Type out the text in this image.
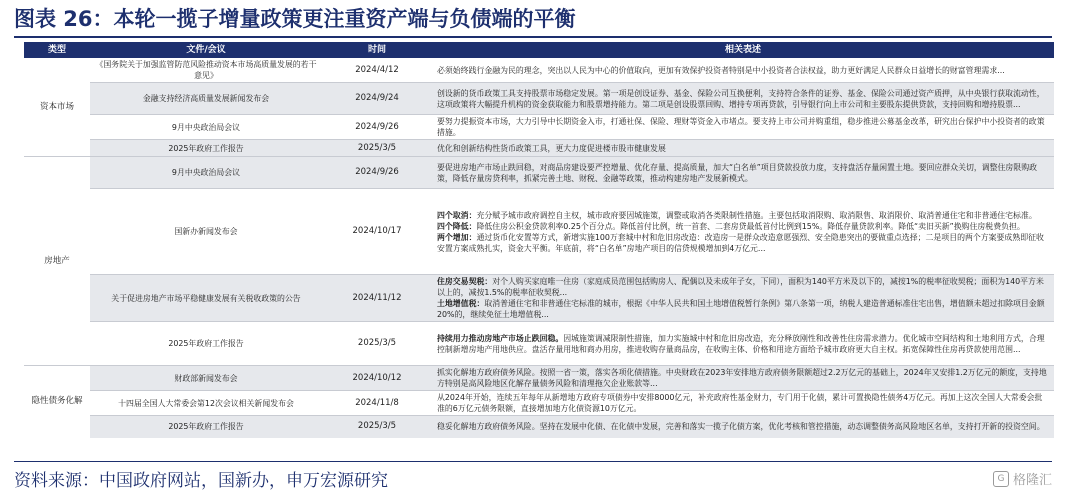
图表 26：本轮一揽子增量政策更注重资产端与负债端的平衡
类型	文件/会议	时间	相关表述
资本市场	《国务院关于加强监管防范风险推动资本市场高质量发展的若干意见》	2024/4/12	必须始终践行金融为民的理念，突出以人民为中心的价值取向，更加有效保护投资者特别是中小投资者合法权益，助力更好满足人民群众日益增长的财富管理需求...

	金融支持经济高质量发展新闻发布会	2024/9/24	创设新的货币政策工具支持股票市场稳定发展。第一项是创设证券、基金、保险公司互换便利，支持符合条件的证券、基金、保险公司通过资产质押，从中央银行获取流动性，这项政策将大幅提升机构的资金获取能力和股票增持能力。第二项是创设股票回购、增持专项再贷款，引导银行向上市公司和主要股东提供贷款，支持回购和增持股票...

	9月中央政治局会议	2024/9/26	要努力提振资本市场，大力引导中长期资金入市，打通社保、保险、理财等资金入市堵点。要支持上市公司并购重组，稳步推进公募基金改革，研究出台保护中小投资者的政策措施。

	2025年政府工作报告	2025/3/5	优化和创新结构性货币政策工具，更大力度促进楼市股市健康发展

房地产	9月中央政治局会议	2024/9/26	要促进房地产市场止跌回稳，对商品房建设要严控增量、优化存量、提高质量，加大“白名单”项目贷款投放力度，支持盘活存量闲置土地。要回应群众关切，调整住房限购政策，降低存量房贷利率，抓紧完善土地、财税、金融等政策，推动构建房地产发展新模式。

	国新办新闻发布会	2024/10/17	四个取消：充分赋予城市政府调控自主权，城市政府要因城施策，调整或取消各类限制性措施。主要包括取消限购、取消限售、取消限价、取消普通住宅和非普通住宅标准。
四个降低：降低住房公积金贷款利率0.25个百分点。降低首付比例，统一首套、二套房贷最低首付比例到15%。降低存量贷款利率。降低“卖旧买新”换购住房税费负担。
两个增加：通过货币化安置等方式，新增实施100万套城中村和危旧房改造：改造房一是群众改造意愿强烈、安全隐患突出的要做重点选择；二是项目的两个方案要成熟即征收安置方案成熟扎实，资金大平衡。年底前，将“白名单”房地产项目的信贷规模增加到4万亿元...

	关于促进房地产市场平稳健康发展有关税收政策的公告	2024/11/12	住房交易契税：对个人购买家庭唯一住房（家庭成员范围包括购房人、配偶以及未成年子女，下同），面积为140平方米及以下的，减按1%的税率征收契税；面积为140平方米以上的，减按1.5%的税率征收契税...
土地增值税：取消普通住宅和非普通住宅标准的城市，根据《中华人民共和国土地增值税暂行条例》第八条第一项，纳税人建造普通标准住宅出售，增值额未超过扣除项目金额20%的，继续免征土地增值税...

	2025年政府工作报告	2025/3/5	持续用力推动房地产市场止跌回稳。因城施策调减限制性措施，加力实施城中村和危旧房改造，充分释放刚性和改善性住房需求潜力。优化城市空间结构和土地利用方式，合理控制新增房地产用地供应。盘活存量用地和商办用房，推进收购存量商品房，在收购主体、价格和用途方面给予城市政府更大自主权。拓宽保障性住房再贷款使用范围...

隐性债务化解	财政部新闻发布会	2024/10/12	抓实化解地方政府债务风险。按照一省一策，落实各项化债措施。中央财政在2023年安排地方政府债务限额超过2.2万亿元的基础上，2024年又安排1.2万亿元的额度，支持地方特别是高风险地区化解存量债务风险和清理拖欠企业账款等...

	十四届全国人大常委会第12次会议相关新闻发布会	2024/11/8	从2024年开始，连续五年每年从新增地方政府专项债券中安排8000亿元，补充政府性基金财力，专门用于化债，累计可置换隐性债务4万亿元。再加上这次全国人大常委会批准的6万亿元债务限额，直接增加地方化债资源10万亿元。

	2025年政府工作报告	2025/3/5	稳妥化解地方政府债务风险。坚持在发展中化债、在化债中发展，完善和落实一揽子化债方案，优化考核和管控措施，动态调整债务高风险地区名单，支持打开新的投资空间。
资料来源：中国政府网站，国新办，申万宏源研究	G 格隆汇
